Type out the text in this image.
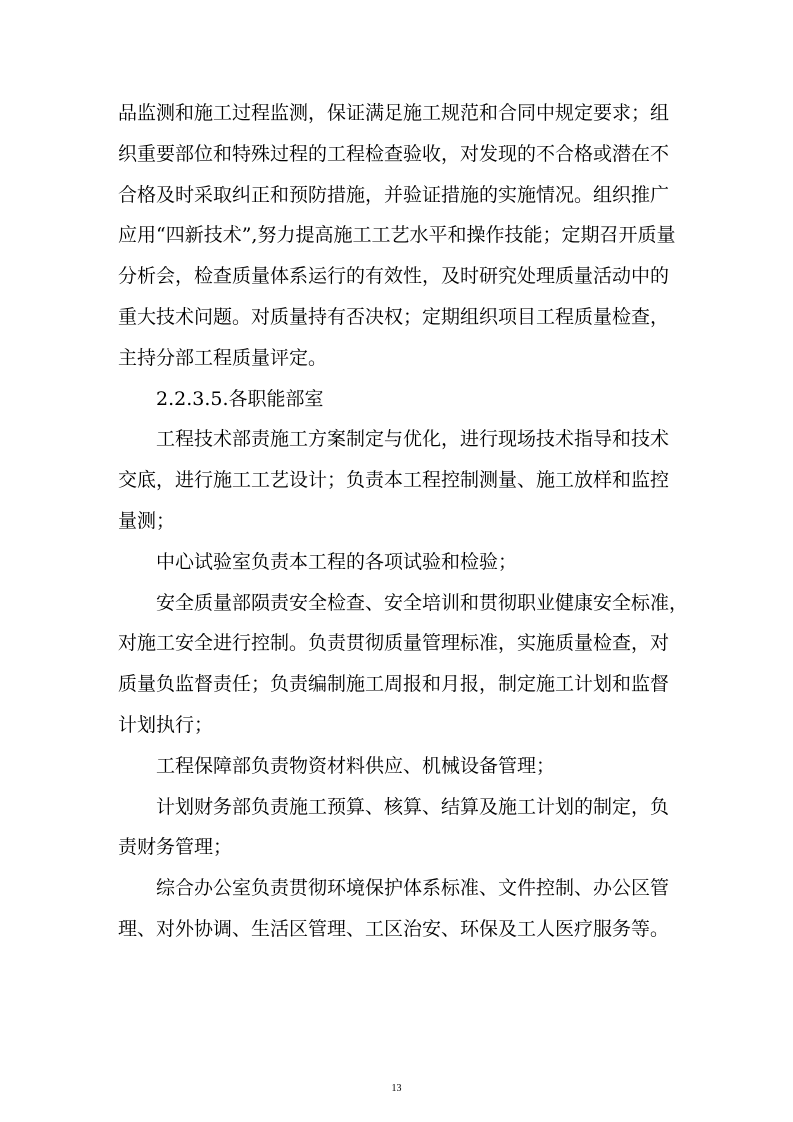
品监测和施工过程监测，保证满足施工规范和合同中规定要求；组
织重要部位和特殊过程的工程检查验收，对发现的不合格或潜在不
合格及时采取纠正和预防措施，并验证措施的实施情况。组织推广
应用“四新技术”,努力提高施工工艺水平和操作技能；定期召开质量
分析会，检查质量体系运行的有效性，及时研究处理质量活动中的
重大技术问题。对质量持有否决权；定期组织项目工程质量检查，
主持分部工程质量评定。

2.2.3.5.各职能部室

工程技术部责施工方案制定与优化，进行现场技术指导和技术
交底，进行施工工艺设计；负责本工程控制测量、施工放样和监控
量测；

中心试验室负责本工程的各项试验和检验；

安全质量部陨责安全检查、安全培训和贯彻职业健康安全标准，
对施工安全进行控制。负责贯彻质量管理标准，实施质量检查，对
质量负监督责任；负责编制施工周报和月报，制定施工计划和监督
计划执行；

工程保障部负责物资材料供应、机械设备管理；

计划财务部负责施工预算、核算、结算及施工计划的制定，负
责财务管理；

综合办公室负责贯彻环境保护体系标准、文件控制、办公区管
理、对外协调、生活区管理、工区治安、环保及工人医疗服务等。

13
